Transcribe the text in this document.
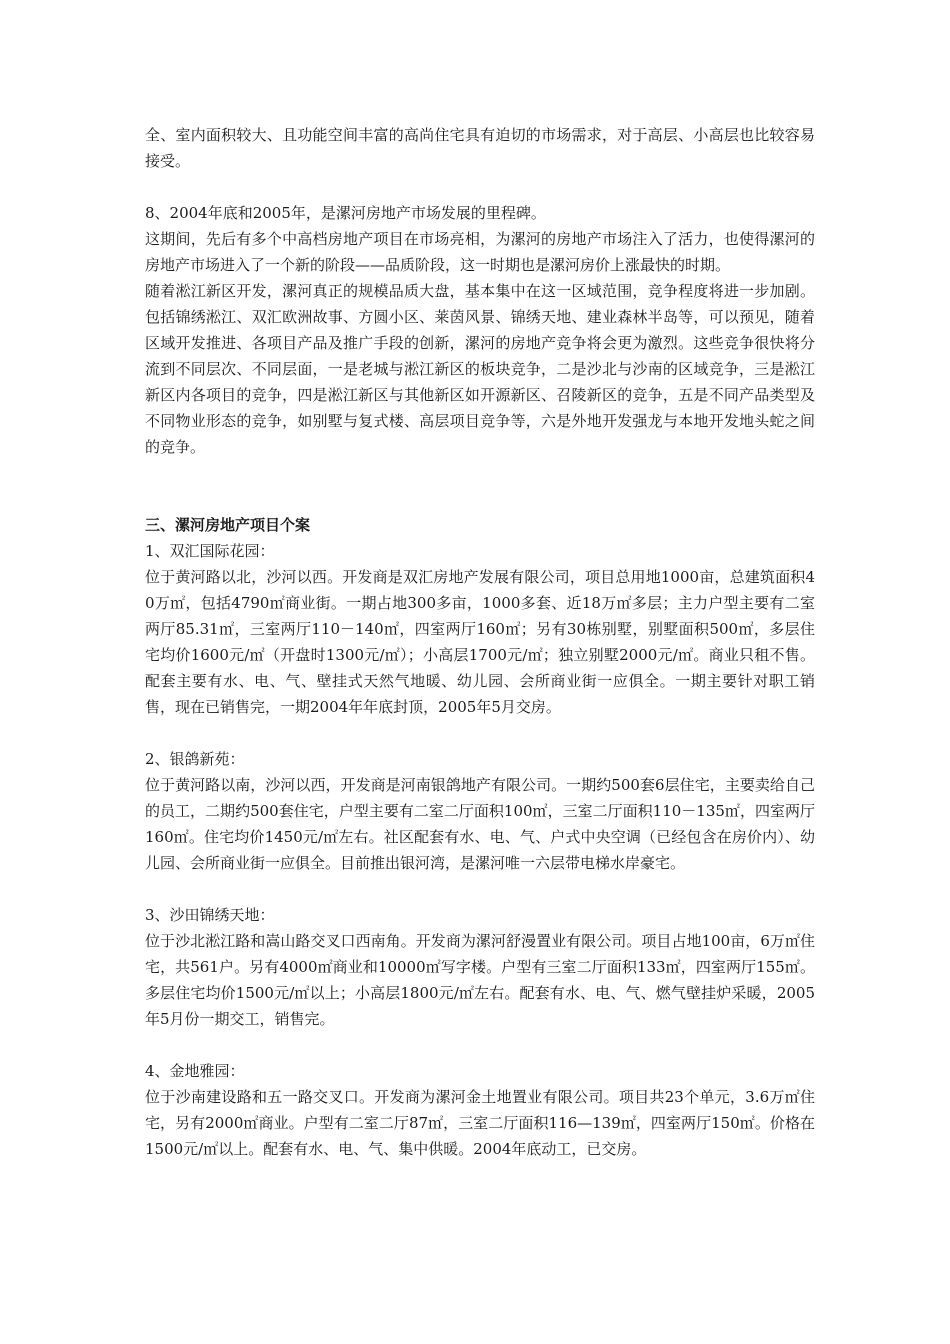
全、室内面积较大、且功能空间丰富的高尚住宅具有迫切的市场需求，对于高层、小高层也比较容易接受。

8、2004年底和2005年，是漯河房地产市场发展的里程碑。

这期间，先后有多个中高档房地产项目在市场亮相，为漯河的房地产市场注入了活力，也使得漯河的房地产市场进入了一个新的阶段——品质阶段，这一时期也是漯河房价上涨最快的时期。

随着淞江新区开发，漯河真正的规模品质大盘，基本集中在这一区域范围，竞争程度将进一步加剧。包括锦绣淞江、双汇欧洲故事、方圆小区、莱茵风景、锦绣天地、建业森林半岛等，可以预见，随着区域开发推进、各项目产品及推广手段的创新，漯河的房地产竞争将会更为激烈。这些竞争很快将分流到不同层次、不同层面，一是老城与淞江新区的板块竞争，二是沙北与沙南的区域竞争，三是淞江新区内各项目的竞争，四是淞江新区与其他新区如开源新区、召陵新区的竞争，五是不同产品类型及不同物业形态的竞争，如别墅与复式楼、高层项目竞争等，六是外地开发强龙与本地开发地头蛇之间的竞争。

三、漯河房地产项目个案

1、双汇国际花园：

位于黄河路以北，沙河以西。开发商是双汇房地产发展有限公司，项目总用地1000亩，总建筑面积40万㎡，包括4790㎡商业街。一期占地300多亩，1000多套、近18万㎡多层；主力户型主要有二室两厅85.31㎡，三室两厅110－140㎡，四室两厅160㎡；另有30栋别墅，别墅面积500㎡，多层住宅均价1600元/㎡（开盘时1300元/㎡）；小高层1700元/㎡；独立别墅2000元/㎡。商业只租不售。配套主要有水、电、气、壁挂式天然气地暖、幼儿园、会所商业街一应俱全。一期主要针对职工销售，现在已销售完，一期2004年年底封顶，2005年5月交房。

2、银鸽新苑：

位于黄河路以南，沙河以西，开发商是河南银鸽地产有限公司。一期约500套6层住宅，主要卖给自己的员工，二期约500套住宅，户型主要有二室二厅面积100㎡，三室二厅面积110－135㎡，四室两厅160㎡。住宅均价1450元/㎡左右。社区配套有水、电、气、户式中央空调（已经包含在房价内）、幼儿园、会所商业街一应俱全。目前推出银河湾，是漯河唯一六层带电梯水岸豪宅。

3、沙田锦绣天地：

位于沙北淞江路和嵩山路交叉口西南角。开发商为漯河舒漫置业有限公司。项目占地100亩，6万㎡住宅，共561户。另有4000㎡商业和10000㎡写字楼。户型有三室二厅面积133㎡，四室两厅155㎡。多层住宅均价1500元/㎡以上；小高层1800元/㎡左右。配套有水、电、气、燃气壁挂炉采暖，2005年5月份一期交工，销售完。

4、金地雅园：

位于沙南建设路和五一路交叉口。开发商为漯河金土地置业有限公司。项目共23个单元，3.6万㎡住宅，另有2000㎡商业。户型有二室二厅87㎡，三室二厅面积116—139㎡，四室两厅150㎡。价格在1500元/㎡以上。配套有水、电、气、集中供暖。2004年底动工，已交房。
